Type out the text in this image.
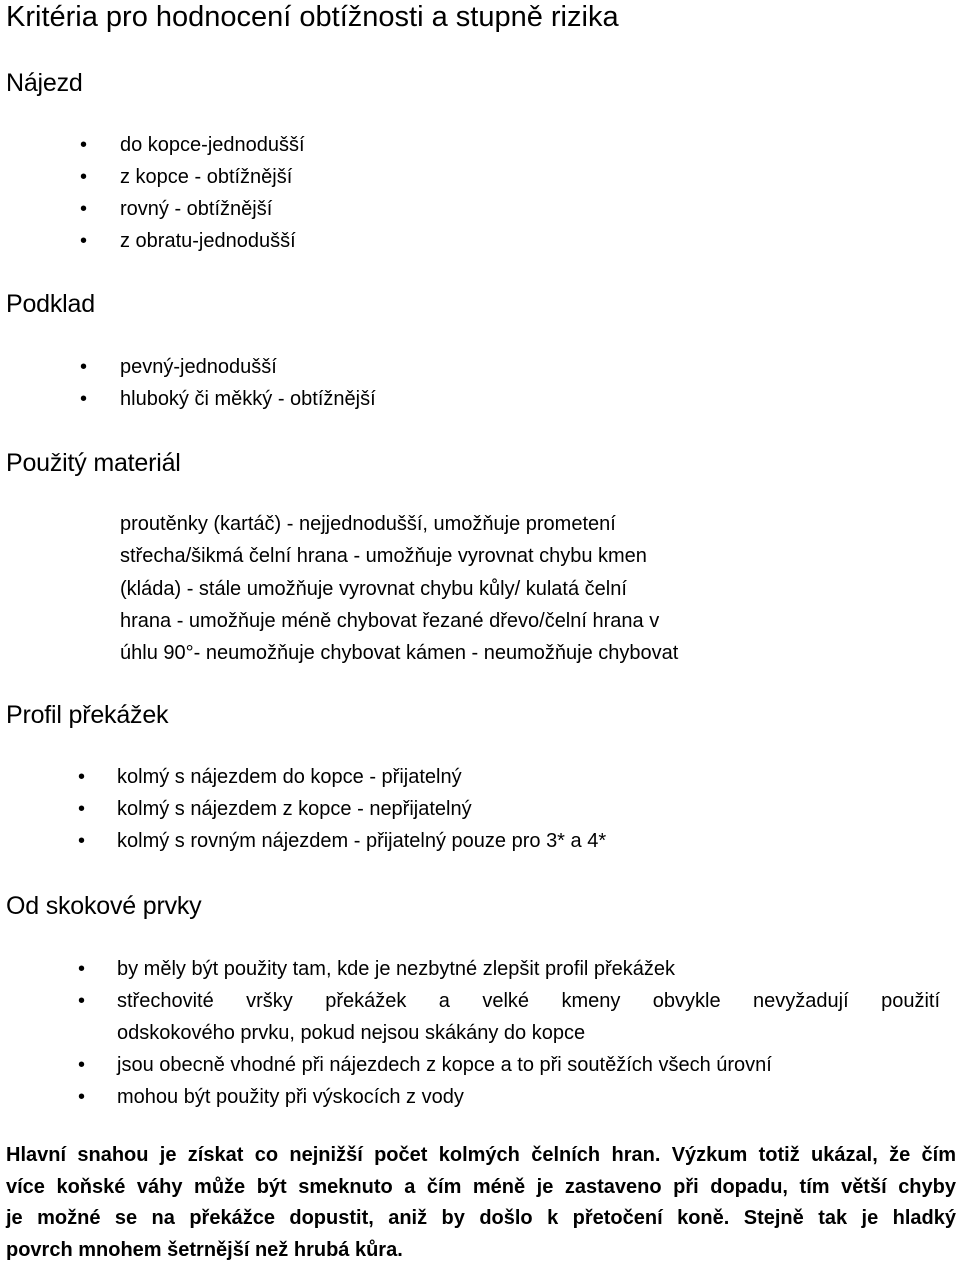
Kritéria pro hodnocení obtížnosti a stupně rizika
Nájezd
• do kopce-jednodušší
• z kopce - obtížnější
• rovný - obtížnější
• z obratu-jednodušší
Podklad
• pevný-jednodušší
• hluboký či měkký - obtížnější
Použitý materiál

proutěnky (kartáč) - nejjednodušší, umožňuje prometení
střecha/šikmá čelní hrana - umožňuje vyrovnat chybu kmen
(kláda) - stále umožňuje vyrovnat chybu kůly/ kulatá čelní
hrana - umožňuje méně chybovat řezané dřevo/čelní hrana v
úhlu 90°- neumožňuje chybovat kámen - neumožňuje chybovat

Profil překážek
• kolmý s nájezdem do kopce - přijatelný
• kolmý s nájezdem z kopce - nepřijatelný
• kolmý s rovným nájezdem - přijatelný pouze pro 3* a 4*
Od skokové prvky
• by měly být použity tam, kde je nezbytné zlepšit profil překážek
• střechovité vršky překážek a velké kmeny obvykle nevyžadují použití
odskokového prvku, pokud nejsou skákány do kopce
• jsou obecně vhodné při nájezdech z kopce a to při soutěžích všech úrovní
• mohou být použity při výskocích z vody

Hlavní snahou je získat co nejnižší počet kolmých čelních hran. Výzkum totiž ukázal, že čím
více koňské váhy může být smeknuto a čím méně je zastaveno při dopadu, tím větší chyby
je možné se na překážce dopustit, aniž by došlo k přetočení koně. Stejně tak je hladký
povrch mnohem šetrnější než hrubá kůra.
